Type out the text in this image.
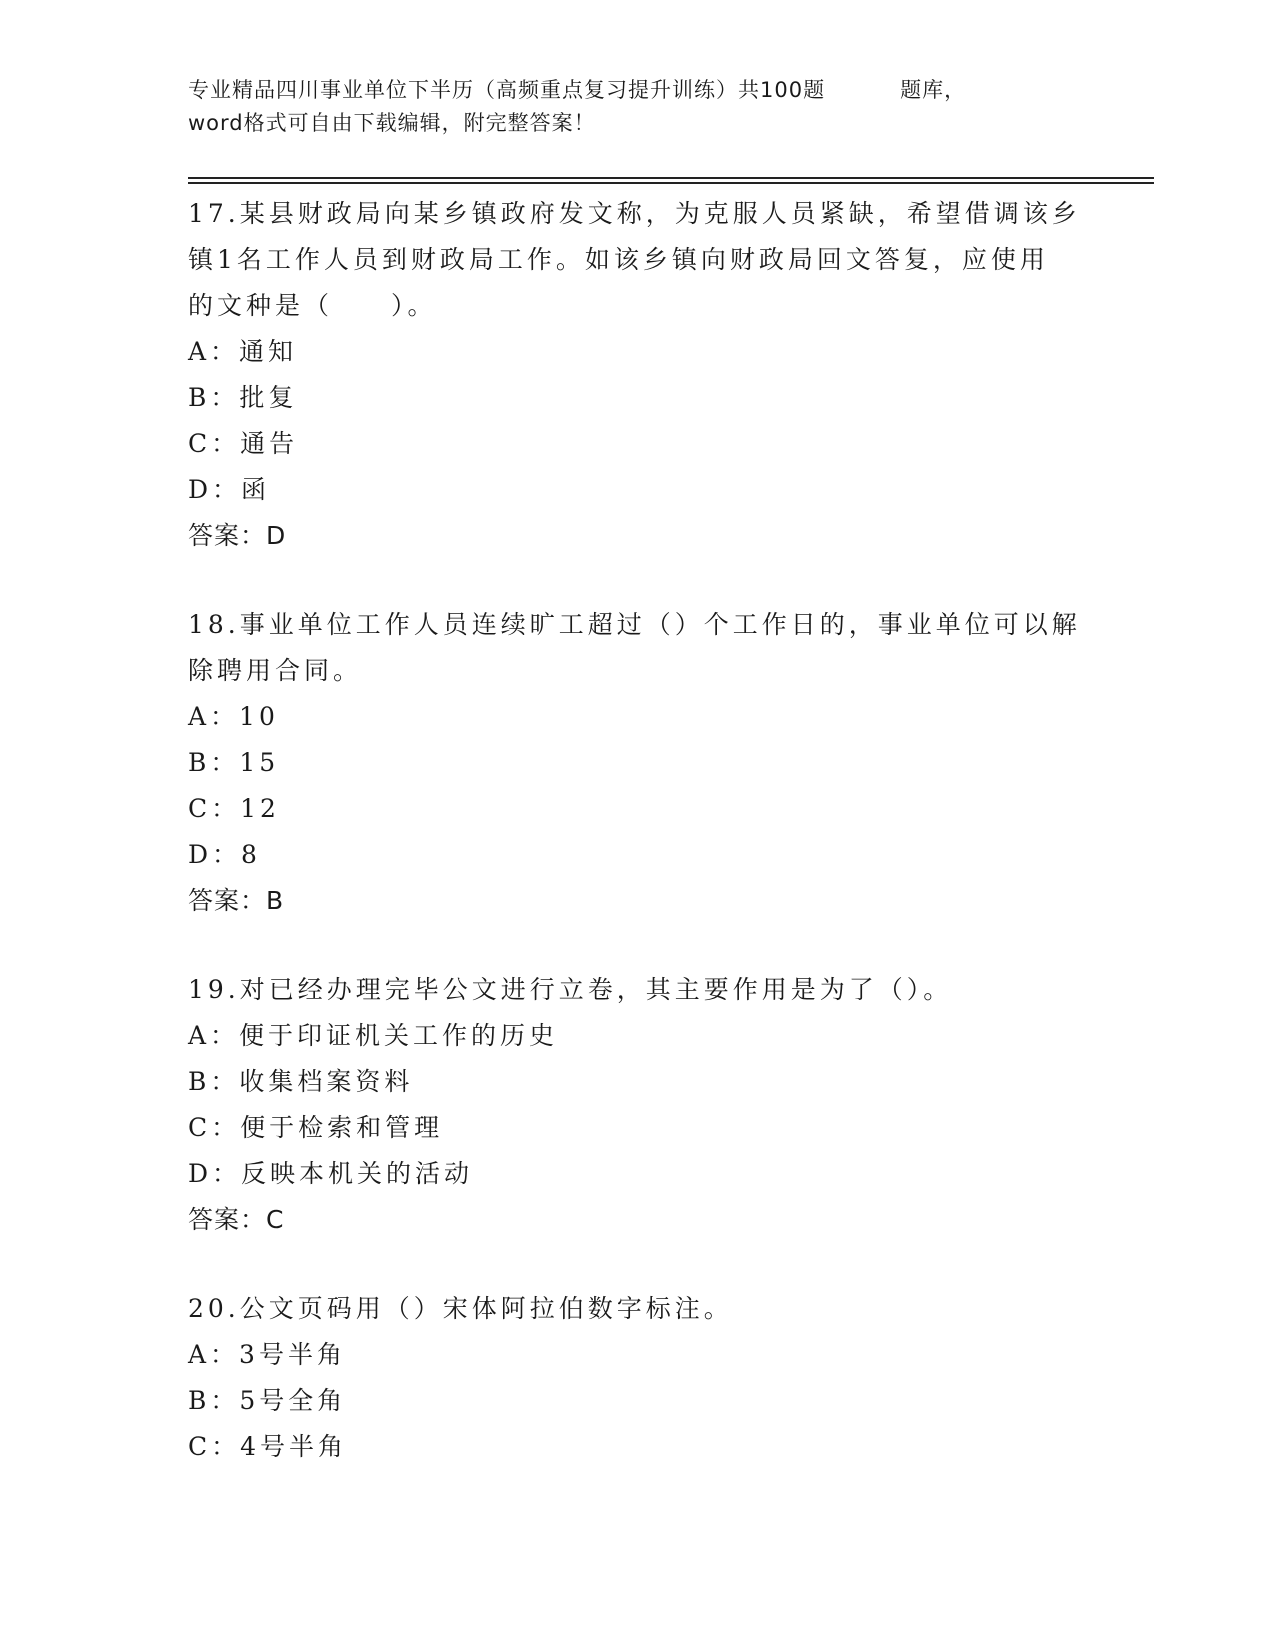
专业精品四川事业单位下半历（高频重点复习提升训练）共100题	题库，
word格式可自由下载编辑，附完整答案！
17.某县财政局向某乡镇政府发文称，为克服人员紧缺，希望借调该乡
镇1名工作人员到财政局工作。如该乡镇向财政局回文答复，应使用
的文种是（　　）。
A：通知
B：批复
C：通告
D：函
答案：D
18.事业单位工作人员连续旷工超过（）个工作日的，事业单位可以解
除聘用合同。
A：10
B：15
C：12
D：8
答案：B
19.对已经办理完毕公文进行立卷，其主要作用是为了（）。
A：便于印证机关工作的历史
B：收集档案资料
C：便于检索和管理
D：反映本机关的活动
答案：C
20.公文页码用（）宋体阿拉伯数字标注。
A：3号半角
B：5号全角
C：4号半角
